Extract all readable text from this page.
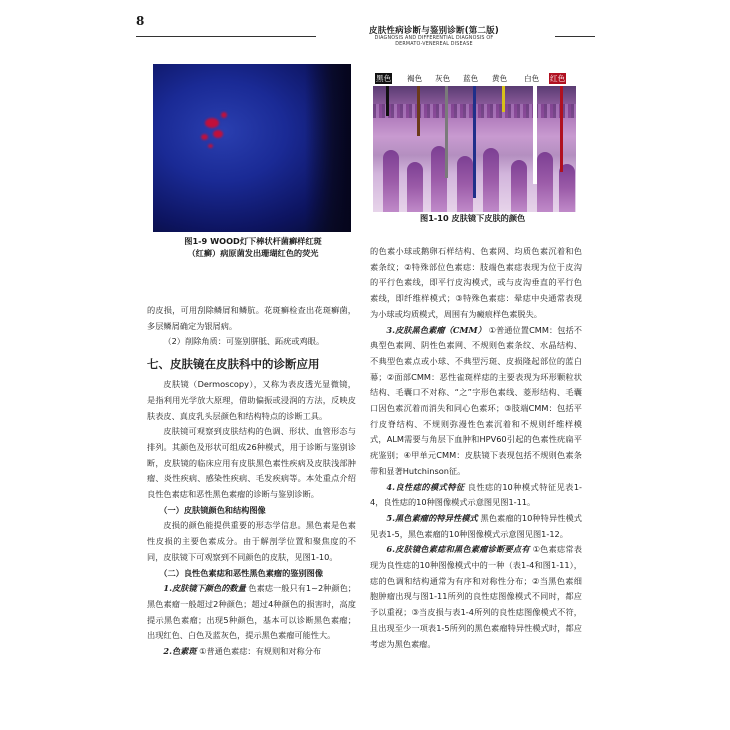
8
皮肤性病诊断与鉴别诊断(第二版)
DIAGNOSIS AND DIFFERENTIAL DIAGNOSIS OF
DERMATO-VENEREAL DISEASE
图1-9 WOOD灯下棒状杆菌癣样红斑
（红癣）病原菌发出珊瑚红色的荧光
黑色 褐色 灰色 蓝色 黄色 白色 红色
图1-10 皮肤镜下皮肤的颜色

的皮损，可用刮除鳞屑和鳞肮。花斑癣检查出花斑癣菌，多层鳞屑确定为银屑病。

（2）削除角质：可鉴别胼胝、跖疣或鸡眼。

七、皮肤镜在皮肤科中的诊断应用

皮肤镜（Dermoscopy），又称为表皮透光显微镜，是指利用光学放大原理，借助偏振或浸润的方法，反映皮肤表皮、真皮乳头层颜色和结构特点的诊断工具。

皮肤镜可观察到皮肤结构的色调、形状、血管形态与排列。其颜色及形状可组成26种模式，用于诊断与鉴别诊断，皮肤镜的临床应用有皮肤黑色素性疾病及皮肤浅部肿瘤、炎性疾病、感染性疾病、毛发疾病等。本处重点介绍良性色素痣和恶性黑色素瘤的诊断与鉴别诊断。

（一）皮肤镜颜色和结构图像

皮损的颜色能提供重要的形态学信息。黑色素是色素性皮损的主要色素成分。由于解剖学位置和聚焦度的不同，皮肤镜下可观察到不同颜色的皮肤，见图1-10。

（二）良性色素痣和恶性黑色素瘤的鉴别图像

1.皮肤镜下颜色的数量 色素痣一般只有1~2种颜色；黑色素瘤一般超过2种颜色；超过4种颜色的损害时，高度提示黑色素瘤；出现5种颜色，基本可以诊断黑色素瘤；出现红色、白色及蓝灰色，提示黑色素瘤可能性大。

2.色素斑 ①普通色素痣：有规则和对称分布

的色素小球或鹅卵石样结构、色素网、均质色素沉着和色素条纹；②特殊部位色素痣：肢端色素痣表现为位于皮沟的平行色素线，即平行皮沟模式，或与皮沟垂直的平行色素线，即纤维样模式；③特殊色素痣：晕痣中央通常表现为小球或均质模式，周围有为癜痕样色素脱失。

3.皮肤黑色素瘤（CMM） ①普通位置CMM：包括不典型色素网、阴性色素网、不规则色素条纹、水晶结构、不典型色素点或小球、不典型污斑、皮损隆起部位的蓝白幕；②面部CMM：恶性雀斑样痣的主要表现为环形颗粒状结构、毛囊口不对称、“之”字形色素线、菱形结构、毛囊口因色素沉着而消失和同心色素环；③肢端CMM：包括平行皮脊结构、不规则弥漫性色素沉着和不规则纤维样模式，ALM需要与角层下血肿和HPV60引起的色素性疣扁平疣鉴别；④甲单元CMM：皮肤镜下表现包括不规则色素条带和显著Hutchinson征。

4.良性痣的模式特征 良性痣的10种模式特征见表1-4，良性痣的10种图像模式示意图见图1-11。

5.黑色素瘤的特异性模式 黑色素瘤的10种特异性模式见表1-5，黑色素瘤的10种图像模式示意图见图1-12。

6.皮肤镜色素痣和黑色素瘤诊断要点有 ①色素痣常表现为良性痣的10种图像模式中的一种（表1-4和图1-11），痣的色调和结构通常为有序和对称性分布；②当黑色素细胞肿瘤出现与图1-11所列的良性痣图像模式不同时，都应予以重视；③当皮损与表1-4所列的良性痣图像模式不符，且出现至少一项表1-5所列的黑色素瘤特异性模式时，都应考虑为黑色素瘤。
